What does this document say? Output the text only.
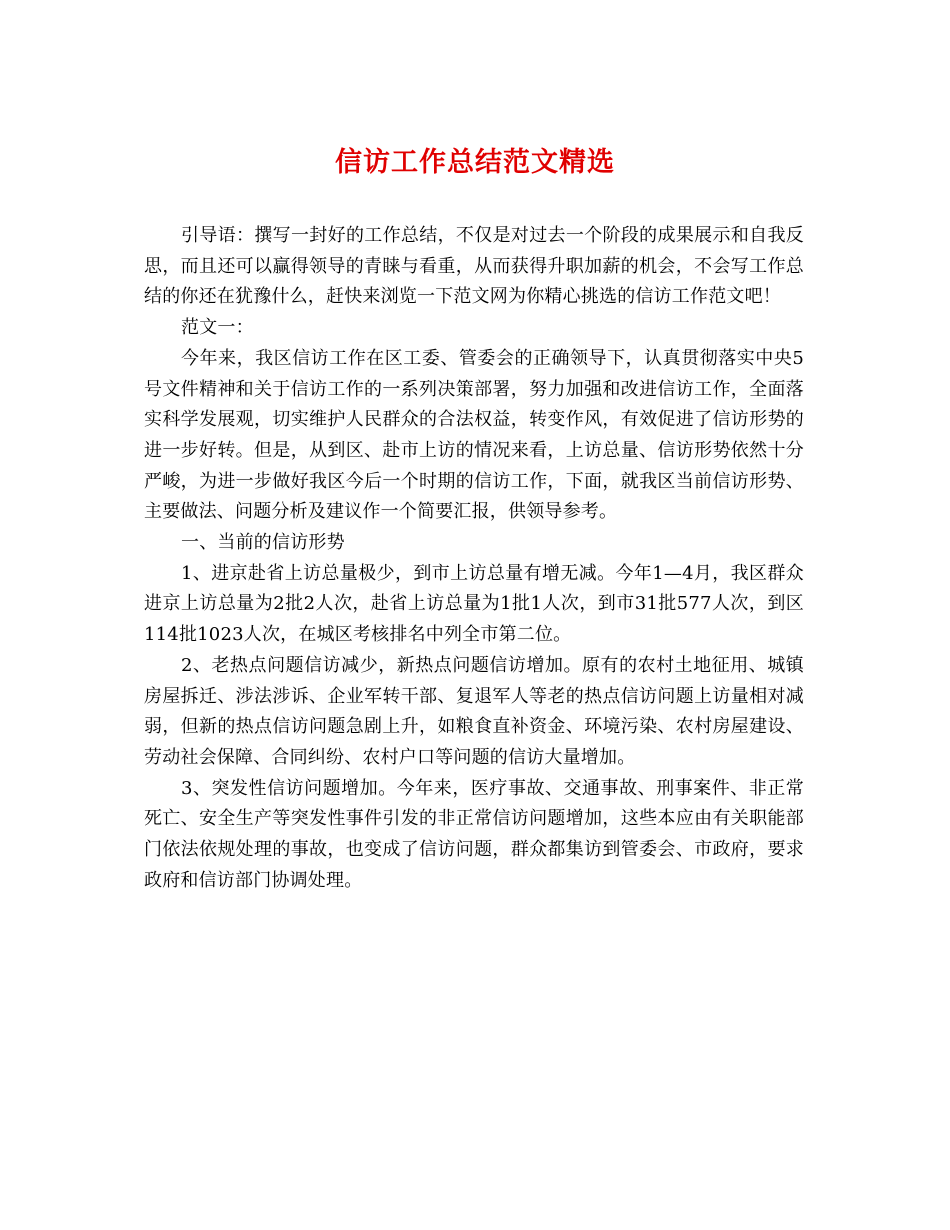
信访工作总结范文精选

引导语：撰写一封好的工作总结，不仅是对过去一个阶段的成果展示和自我反思，而且还可以赢得领导的青睐与看重，从而获得升职加薪的机会，不会写工作总结的你还在犹豫什么，赶快来浏览一下范文网为你精心挑选的信访工作范文吧！

范文一：

今年来，我区信访工作在区工委、管委会的正确领导下，认真贯彻落实中央5号文件精神和关于信访工作的一系列决策部署，努力加强和改进信访工作，全面落实科学发展观，切实维护人民群众的合法权益，转变作风，有效促进了信访形势的进一步好转。但是，从到区、赴市上访的情况来看，上访总量、信访形势依然十分严峻，为进一步做好我区今后一个时期的信访工作，下面，就我区当前信访形势、主要做法、问题分析及建议作一个简要汇报，供领导参考。

一、当前的信访形势

1、进京赴省上访总量极少，到市上访总量有增无减。今年1—4月，我区群众进京上访总量为2批2人次，赴省上访总量为1批1人次，到市31批577人次，到区114批1023人次，在城区考核排名中列全市第二位。

2、老热点问题信访减少，新热点问题信访增加。原有的农村土地征用、城镇房屋拆迁、涉法涉诉、企业军转干部、复退军人等老的热点信访问题上访量相对减弱，但新的热点信访问题急剧上升，如粮食直补资金、环境污染、农村房屋建设、劳动社会保障、合同纠纷、农村户口等问题的信访大量增加。

3、突发性信访问题增加。今年来，医疗事故、交通事故、刑事案件、非正常死亡、安全生产等突发性事件引发的非正常信访问题增加，这些本应由有关职能部门依法依规处理的事故，也变成了信访问题，群众都集访到管委会、市政府，要求政府和信访部门协调处理。
